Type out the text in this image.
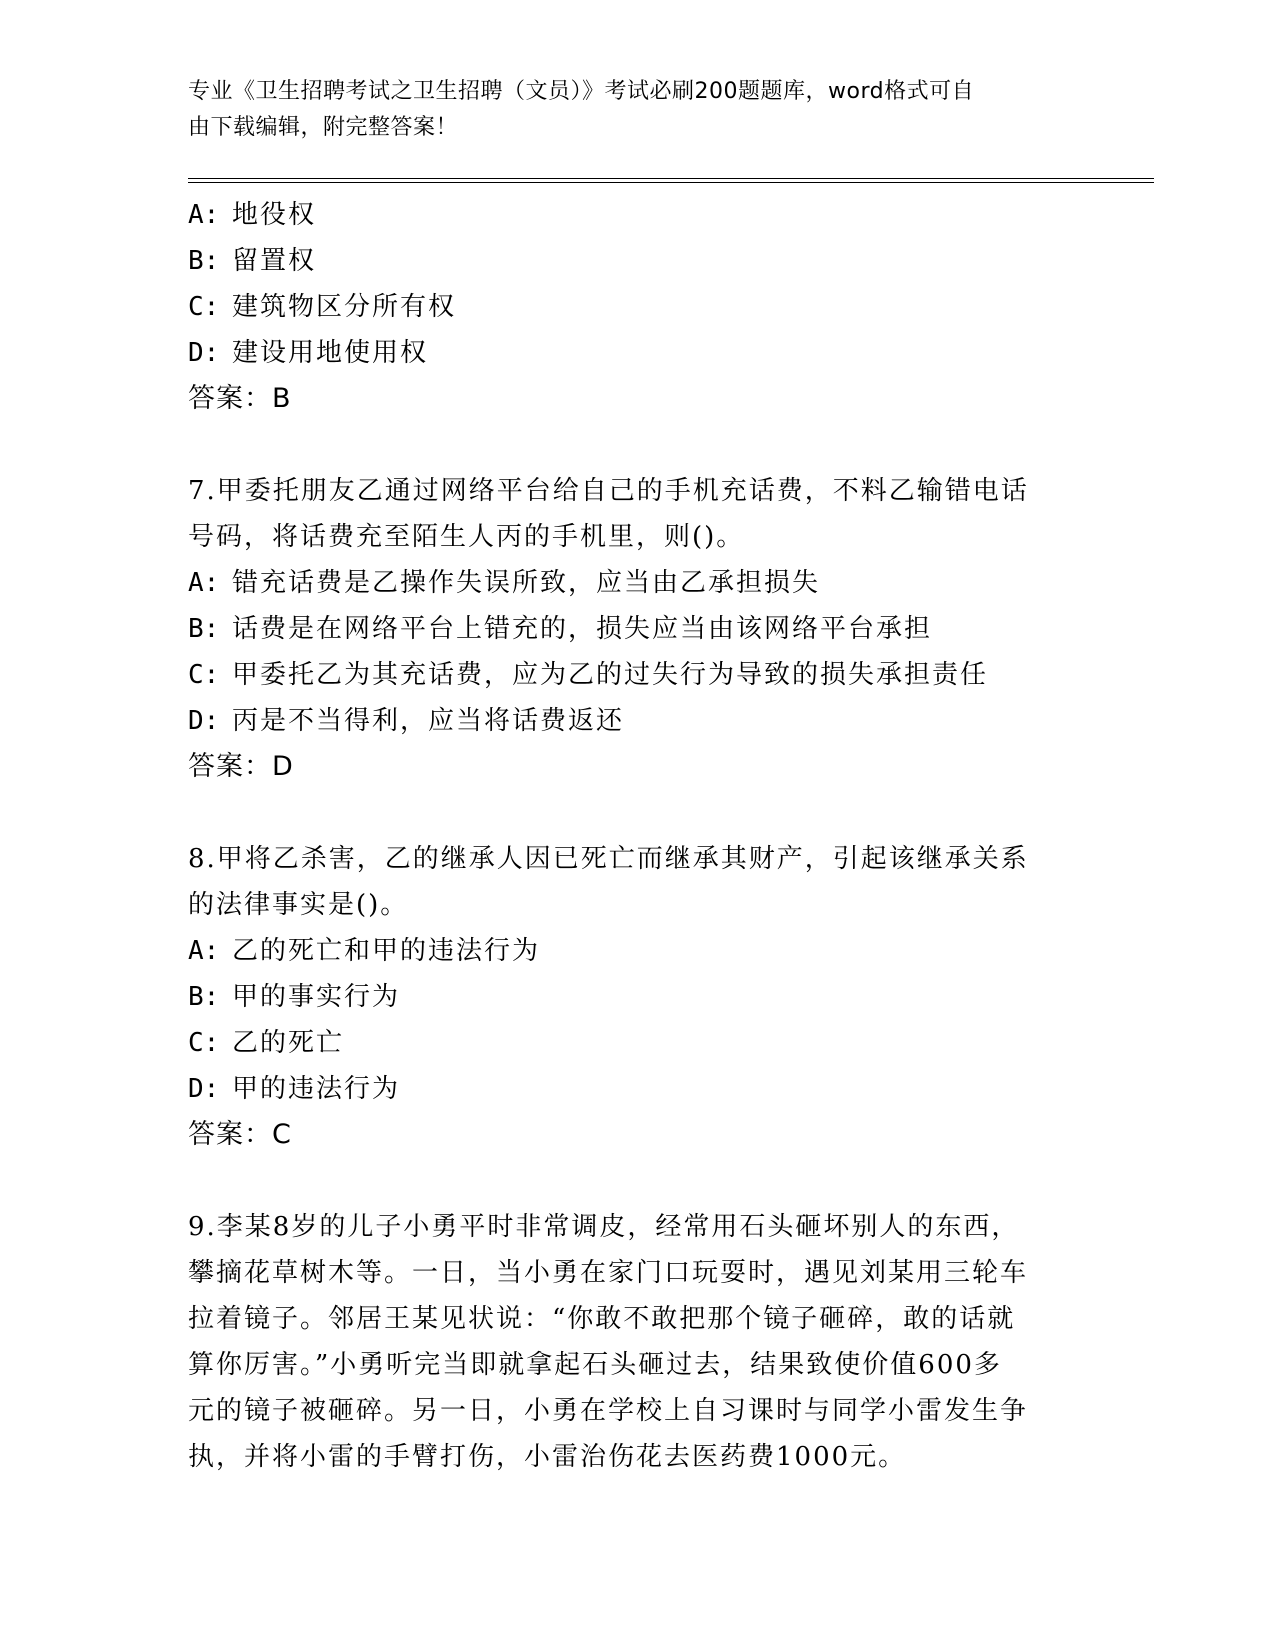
专业《卫生招聘考试之卫生招聘（文员）》考试必刷200题题库，word格式可自
由下载编辑，附完整答案！
A: 地役权
B: 留置权
C: 建筑物区分所有权
D: 建设用地使用权
答案：B
7.甲委托朋友乙通过网络平台给自己的手机充话费，不料乙输错电话
号码，将话费充至陌生人丙的手机里，则()。
A: 错充话费是乙操作失误所致，应当由乙承担损失
B: 话费是在网络平台上错充的，损失应当由该网络平台承担
C: 甲委托乙为其充话费，应为乙的过失行为导致的损失承担责任
D: 丙是不当得利，应当将话费返还
答案：D
8.甲将乙杀害，乙的继承人因已死亡而继承其财产，引起该继承关系
的法律事实是()。
A: 乙的死亡和甲的违法行为
B: 甲的事实行为
C: 乙的死亡
D: 甲的违法行为
答案：C
9.李某8岁的儿子小勇平时非常调皮，经常用石头砸坏别人的东西，
攀摘花草树木等。一日，当小勇在家门口玩耍时，遇见刘某用三轮车
拉着镜子。邻居王某见状说：“你敢不敢把那个镜子砸碎，敢的话就
算你厉害。”小勇听完当即就拿起石头砸过去，结果致使价值600多
元的镜子被砸碎。另一日，小勇在学校上自习课时与同学小雷发生争
执，并将小雷的手臂打伤，小雷治伤花去医药费1000元。
